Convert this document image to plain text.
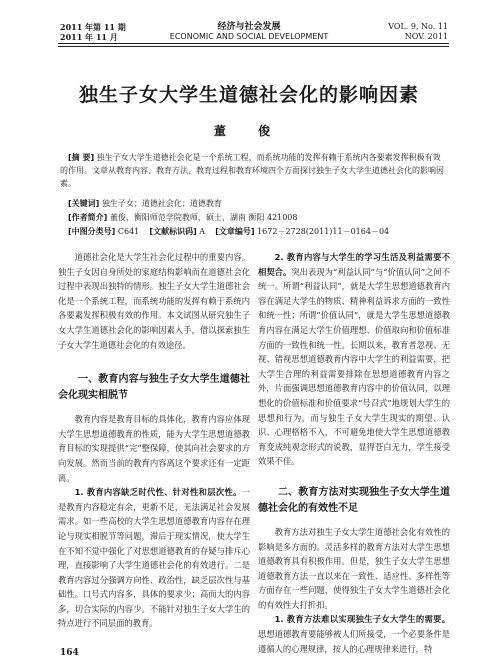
2011 年第 11 期
2011 年 11 月
经济与社会发展
ECONOMIC AND SOCIAL DEVELOPMENT
VOL. 9, No. 11
NOV. 2011
独生子女大学生道德社会化的影响因素
董 俊
[摘 要] 独生子女大学生道德社会化是一个系统工程，而系统功能的发挥有赖于系统内各要素发挥积极有效的作用。文章从教育内容、教育方法、教育过程和教育环境四个方面探讨独生子女大学生道德社会化的影响因素。
[关键词] 独生子女；道德社会化；道德教育
[作者简介] 董俊，衡阳师范学院教师，硕士，湖南 衡阳 421008
[中图分类号] C641 [文献标识码] A [文章编号] 1672－2728(2011)11－0164－04

道德社会化是大学生社会化过程中的重要内容。独生子女因自身所处的家庭结构影响而在道德社会化过程中表现出独特的情形。独生子女大学生道德社会化是一个系统工程，而系统功能的发挥有赖于系统内各要素发挥积极有效的作用。本文试图从研究独生子女大学生道德社会化的影响因素入手，借以探索独生子女大学生道德社会化的有效途径。

一、教育内容与独生子女大学生道德社会化现实相脱节

教育内容是教育目标的具体化，教育内容应体现大学生思想道德教育的性质，能为大学生思想道德教育目标的实现提供“完”整保障，使其向社会要求的方向发展。然而当前的教育内容离这个要求还有一定距离。

1. 教育内容缺乏时代性、针对性和层次性。一是教育内容稳定有余，更新不足，无法满足社会发展需求。如一些高校的大学生思想道德教育内容存在理论与现实相脱节等问题，滞后于现实情况，使大学生在不知不觉中强化了对思想道德教育的存疑与排斥心理，直接影响了大学生道德社会化的有效进行。二是教育内容过分强调方向性、政治性，缺乏层次性与基础性。口号式内容多，具体的要求少；高而大的内容多，切合实际的内容少。不能针对独生子女大学生的特点进行不同层面的教育。

2. 教育内容与大学生的学习生活及利益需要不相契合。突出表现为“利益认同”与“价值认同”之间不统一。所谓“利益认同”，就是大学生思想道德教育内容在满足大学生的物质、精神利益诉求方面的一致性和统一性；所谓“价值认同”，就是大学生思想道德教育内容在满足大学生价值理想、价值取向和价值标准方面的一致性和统一性。长期以来，教育者忽视、无视、错视思想道德教育内容中大学生的利益需要，把大学生合理的利益需要排除在思想道德教育内容之外，片面强调思想道德教育内容中的价值认同，以理想化的价值标准和价值要求“号召式”地规划大学生的思想和行为，而与独生子女大学生现实的期望、认识、心理格格不入，不可避免地使大学生思想道德教育变成纯观念形式的说教，显得苍白无力，学生接受效果不佳。

二、教育方法对实现独生子女大学生道德社会化的有效性不足

教育方法对独生子女大学生道德社会化有效性的影响是多方面的。灵活多样的教育方法对大学生思想道德教育具有积极作用。但是，独生子女大学生思想道德教育方法一直以来在一致性、适应性、多样性等方面存在一些问题，使得独生子女大学生道德社会化的有效性大打折扣。

1. 教育方法难以实现独生子女大学生的需要。思想道德教育要能够被人们所接受，一个必要条件是遵循人的心理规律，按人的心理规律来进行，特

164
